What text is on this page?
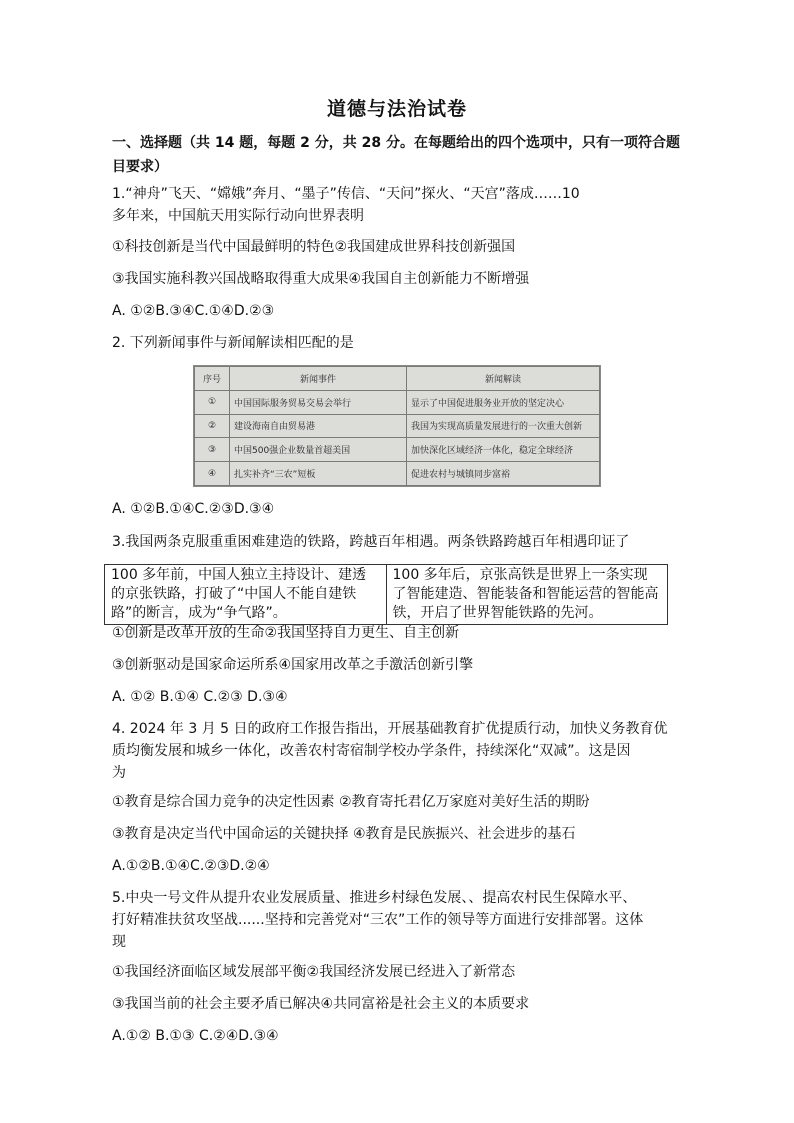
道德与法治试卷
一、选择题（共 14 题，每题 2 分，共 28 分。在每题给出的四个选项中，只有一项符合题目要求）
1.“神舟”飞天、“嫦娥”奔月、“墨子”传信、“天问”探火、“天宫”落成……10
多年来，中国航天用实际行动向世界表明
①科技创新是当代中国最鲜明的特色②我国建成世界科技创新强国
③我国实施科教兴国战略取得重大成果④我国自主创新能力不断增强
A. ①②B.③④C.①④D.②③
2. 下列新闻事件与新闻解读相匹配的是
序号	新闻事件	新闻解读
①	中国国际服务贸易交易会举行	显示了中国促进服务业开放的坚定决心
②	建设海南自由贸易港	我国为实现高质量发展进行的一次重大创新
③	中国500强企业数量首超美国	加快深化区域经济一体化，稳定全球经济
④	扎实补齐“三农”短板	促进农村与城镇同步富裕
A. ①②B.①④C.②③D.③④
3.我国两条克服重重困难建造的铁路，跨越百年相遇。两条铁路跨越百年相遇印证了
100 多年前，中国人独立主持设计、建透的京张铁路，打破了“中国人不能自建铁路”的断言，成为“争气路”。	100 多年后，京张高铁是世界上一条实现了智能建造、智能装备和智能运营的智能高铁，开启了世界智能铁路的先河。
①创新是改革开放的生命②我国坚持自力更生、自主创新
③创新驱动是国家命运所系④国家用改革之手激活创新引擎
A. ①② B.①④ C.②③ D.③④
4. 2024 年 3 月 5 日的政府工作报告指出，开展基础教育扩优提质行动，加快义务教育优
质均衡发展和城乡一体化，改善农村寄宿制学校办学条件，持续深化“双减”。这是因
为
①教育是综合国力竞争的决定性因素 ②教育寄托君亿万家庭对美好生活的期盼
③教育是决定当代中国命运的关键抉择 ④教育是民族振兴、社会进步的基石
A.①②B.①④C.②③D.②④
5.中央一号文件从提升农业发展质量、推进乡村绿色发展、、提高农村民生保障水平、
打好精准扶贫攻坚战......坚持和完善党对“三农”工作的领导等方面进行安排部署。这体
现
①我国经济面临区域发展部平衡②我国经济发展已经进入了新常态
③我国当前的社会主要矛盾已解决④共同富裕是社会主义的本质要求
A.①② B.①③ C.②④D.③④
